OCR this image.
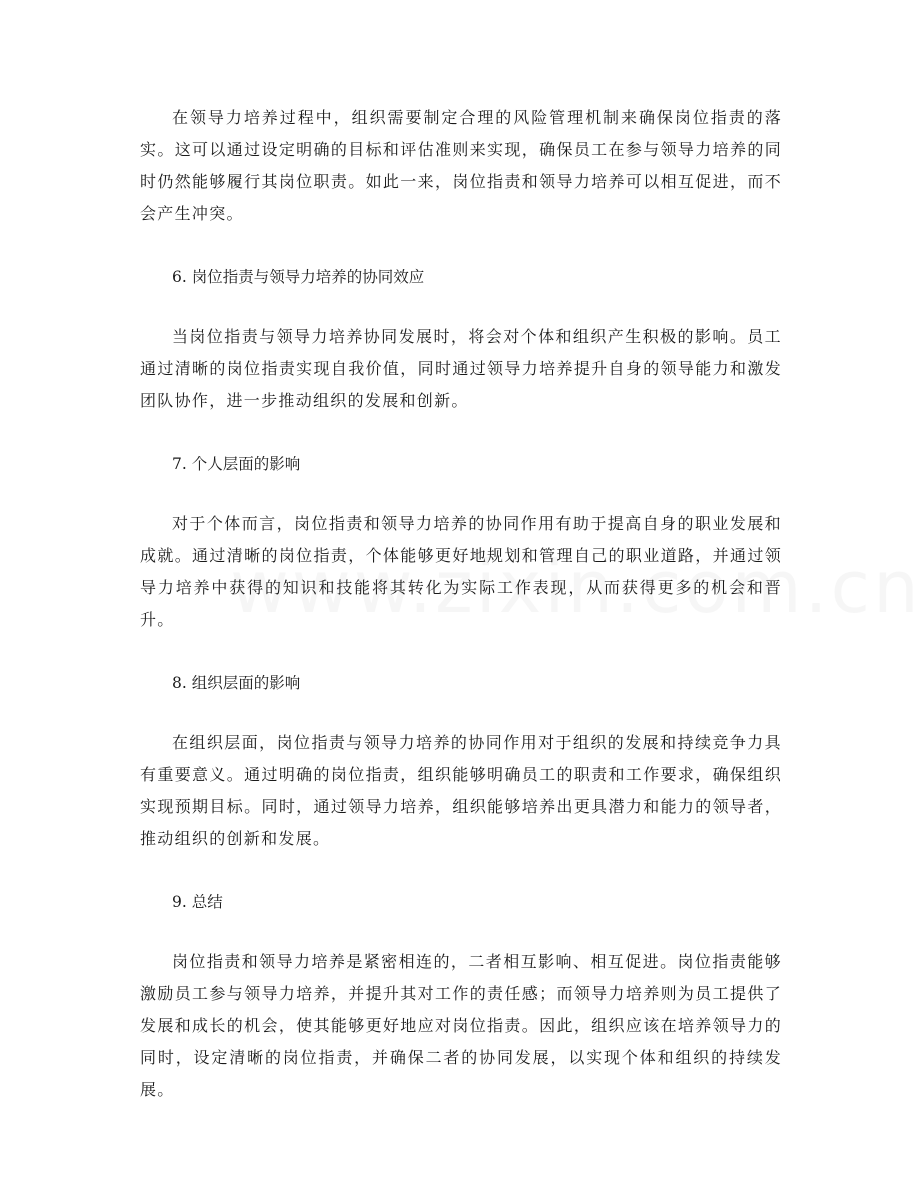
在领导力培养过程中，组织需要制定合理的风险管理机制来确保岗位指责的落实。这可以通过设定明确的目标和评估准则来实现，确保员工在参与领导力培养的同时仍然能够履行其岗位职责。如此一来，岗位指责和领导力培养可以相互促进，而不会产生冲突。

6. 岗位指责与领导力培养的协同效应

当岗位指责与领导力培养协同发展时，将会对个体和组织产生积极的影响。员工通过清晰的岗位指责实现自我价值，同时通过领导力培养提升自身的领导能力和激发团队协作，进一步推动组织的发展和创新。

7. 个人层面的影响

对于个体而言，岗位指责和领导力培养的协同作用有助于提高自身的职业发展和成就。通过清晰的岗位指责，个体能够更好地规划和管理自己的职业道路，并通过领导力培养中获得的知识和技能将其转化为实际工作表现，从而获得更多的机会和晋升。

8. 组织层面的影响

在组织层面，岗位指责与领导力培养的协同作用对于组织的发展和持续竞争力具有重要意义。通过明确的岗位指责，组织能够明确员工的职责和工作要求，确保组织实现预期目标。同时，通过领导力培养，组织能够培养出更具潜力和能力的领导者，推动组织的创新和发展。

9. 总结

岗位指责和领导力培养是紧密相连的，二者相互影响、相互促进。岗位指责能够激励员工参与领导力培养，并提升其对工作的责任感；而领导力培养则为员工提供了发展和成长的机会，使其能够更好地应对岗位指责。因此，组织应该在培养领导力的同时，设定清晰的岗位指责，并确保二者的协同发展，以实现个体和组织的持续发展。
